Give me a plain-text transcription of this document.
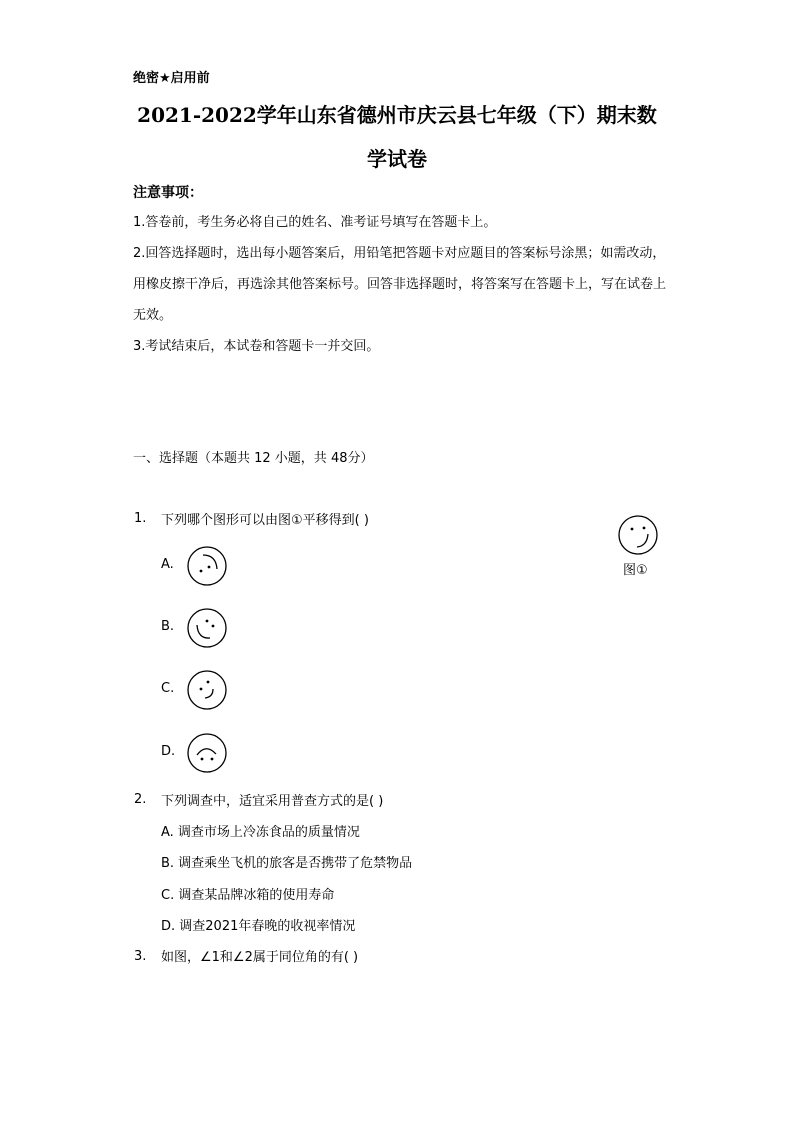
绝密★启用前
2021-2022学年山东省德州市庆云县七年级（下）期末数
学试卷
注意事项：
1.答卷前，考生务必将自己的姓名、准考证号填写在答题卡上。
2.回答选择题时，选出每小题答案后，用铅笔把答题卡对应题目的答案标号涂黑；如需改动，用橡皮擦干净后，再选涂其他答案标号。回答非选择题时，将答案写在答题卡上，写在试卷上无效。
3.考试结束后，本试卷和答题卡一并交回。
一、选择题（本题共 12 小题，共 48分）
1. 下列哪个图形可以由图①平移得到( )
图①
A.
B.
C.
D.
2. 下列调查中，适宜采用普查方式的是( )
A. 调查市场上冷冻食品的质量情况
B. 调查乘坐飞机的旅客是否携带了危禁物品
C. 调查某品牌冰箱的使用寿命
D. 调查2021年春晚的收视率情况
3. 如图，∠1和∠2属于同位角的有( )
